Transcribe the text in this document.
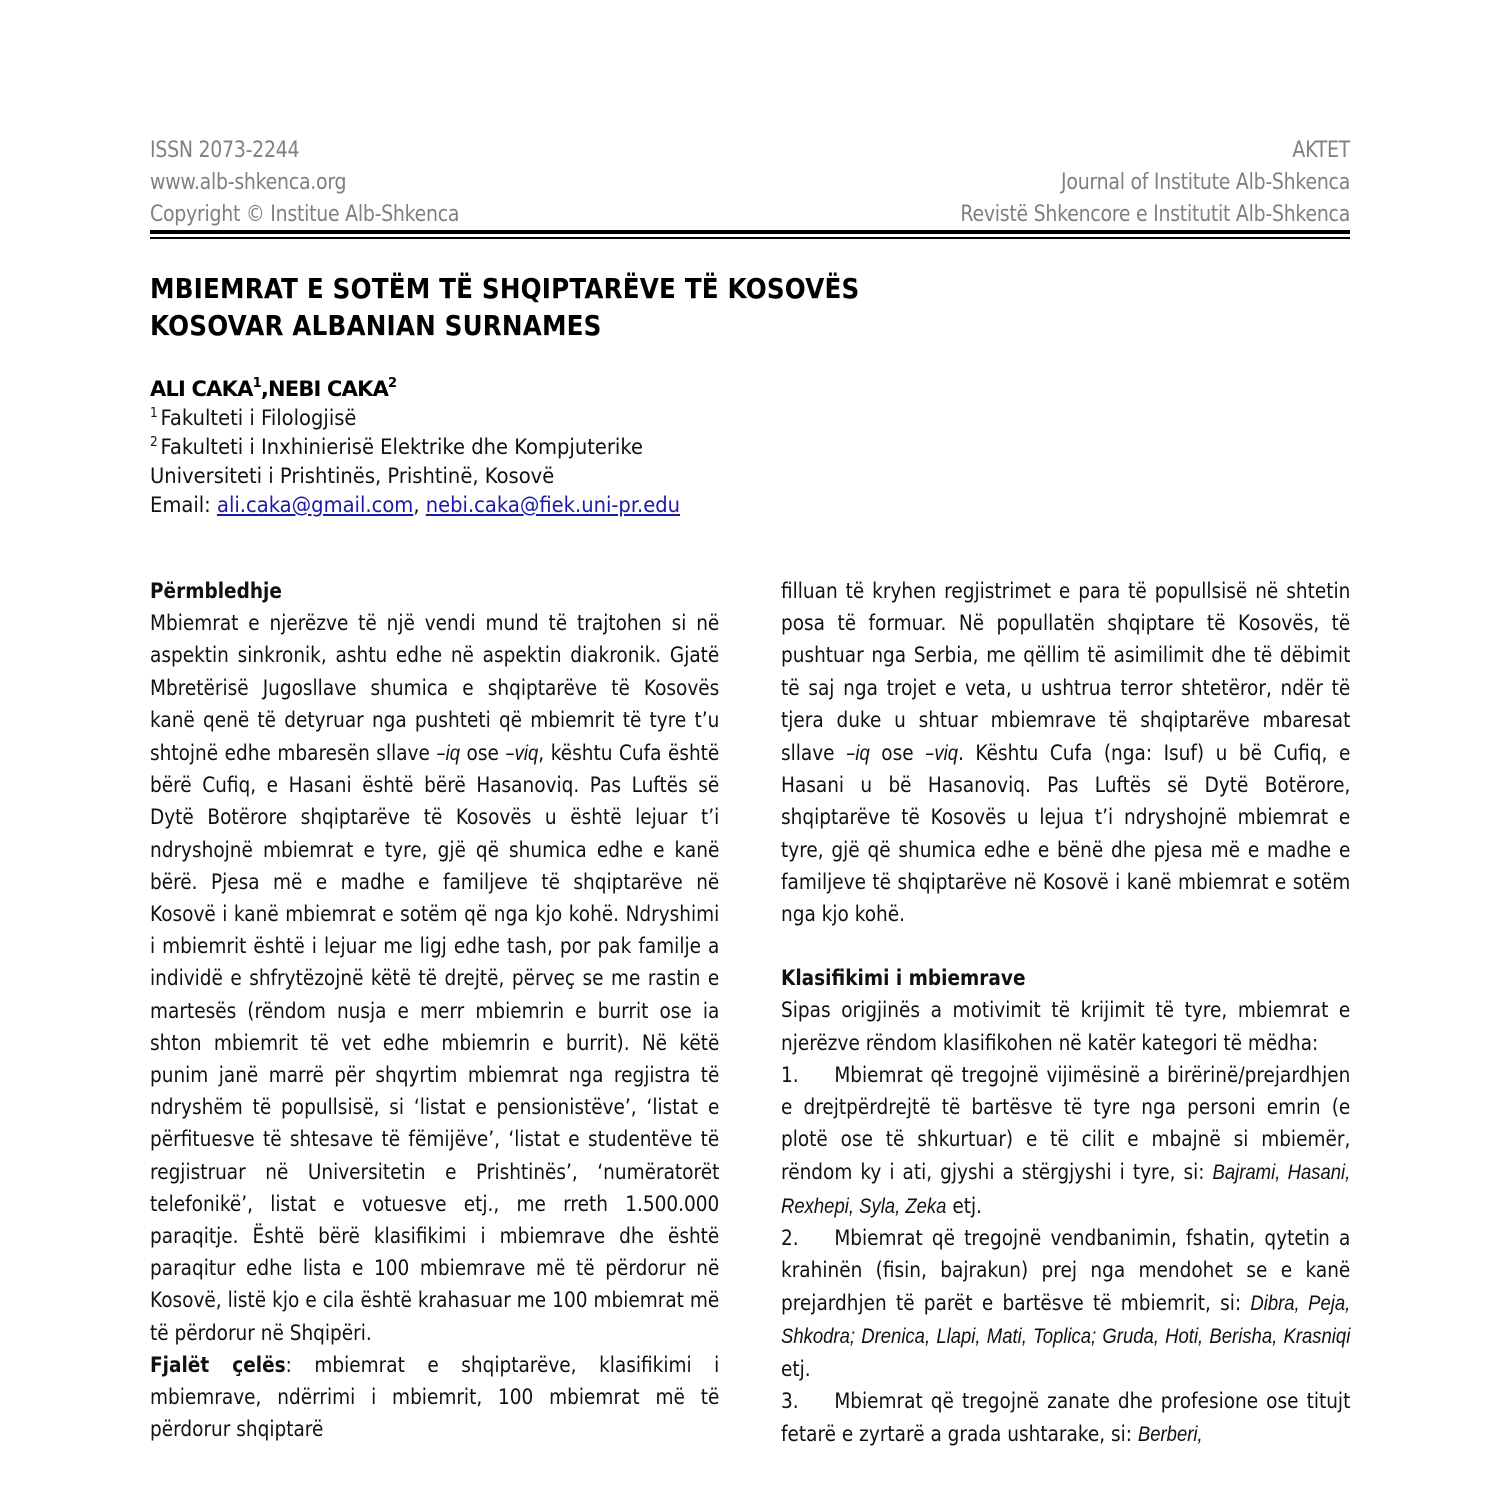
ISSN 2073-2244
www.alb-shkenca.org
Copyright © Institue Alb-Shkenca
AKTET
Journal of Institute Alb-Shkenca
Revistë Shkencore e Institutit Alb-Shkenca
MBIEMRAT E SOTËM TË SHQIPTARËVE TË KOSOVËS
KOSOVAR ALBANIAN SURNAMES
ALI CAKA$^1$,NEBI CAKA$^2$
$^1$ Fakulteti i Filologjisë
$^2$ Fakulteti i Inxhinierisë Elektrike dhe Kompjuterike
Universiteti i Prishtinës, Prishtinë, Kosovë
Email: ali.caka@gmail.com, nebi.caka@fiek.uni-pr.edu

Përmbledhje

Mbiemrat e njerëzve të një vendi mund të trajtohen si në aspektin sinkronik, ashtu edhe në aspektin diakronik. Gjatë Mbretërisë Jugosllave shumica e shqiptarëve të Kosovës kanë qenë të detyruar nga pushteti që mbiemrit të tyre t’u shtojnë edhe mbaresën sllave –iq ose –viq, kështu Cufa është bërë Cufiq, e Hasani është bërë Hasanoviq. Pas Luftës së Dytë Botërore shqiptarëve të Kosovës u është lejuar t’i ndryshojnë mbiemrat e tyre, gjë që shumica edhe e kanë bërë. Pjesa më e madhe e familjeve të shqiptarëve në Kosovë i kanë mbiemrat e sotëm që nga kjo kohë. Ndryshimi i mbiemrit është i lejuar me ligj edhe tash, por pak familje a individë e shfrytëzojnë këtë të drejtë, përveç se me rastin e martesës (rëndom nusja e merr mbiemrin e burrit ose ia shton mbiemrit të vet edhe mbiemrin e burrit). Në këtë punim janë marrë për shqyrtim mbiemrat nga regjistra të ndryshëm të popullsisë, si ‘listat e pensionistëve’, ‘listat e përfituesve të shtesave të fëmijëve’, ‘listat e studentëve të regjistruar në Universitetin e Prishtinës’, ‘numëratorët telefonikë’, listat e votuesve etj., me rreth 1.500.000 paraqitje. Është bërë klasifikimi i mbiemrave dhe është paraqitur edhe lista e 100 mbiemrave më të përdorur në Kosovë, listë kjo e cila është krahasuar me 100 mbiemrat më të përdorur në Shqipëri.

Fjalët çelës: mbiemrat e shqiptarëve, klasifikimi i mbiemrave, ndërrimi i mbiemrit, 100 mbiemrat më të përdorur shqiptarë

filluan të kryhen regjistrimet e para të popullsisë në shtetin posa të formuar. Në popullatën shqiptare të Kosovës, të pushtuar nga Serbia, me qëllim të asimilimit dhe të dëbimit të saj nga trojet e veta, u ushtrua terror shtetëror, ndër të tjera duke u shtuar mbiemrave të shqiptarëve mbaresat sllave –iq ose –viq. Kështu Cufa (nga: Isuf) u bë Cufiq, e Hasani u bë Hasanoviq. Pas Luftës së Dytë Botërore, shqiptarëve të Kosovës u lejua t’i ndryshojnë mbiemrat e tyre, gjë që shumica edhe e bënë dhe pjesa më e madhe e familjeve të shqiptarëve në Kosovë i kanë mbiemrat e sotëm nga kjo kohë.

Klasifikimi i mbiemrave

Sipas origjinës a motivimit të krijimit të tyre, mbiemrat e njerëzve rëndom klasifikohen në katër kategori të mëdha:

1. Mbiemrat që tregojnë vijimësinë a birërinë/prejardhjen e drejtpërdrejtë të bartësve të tyre nga personi emrin (e plotë ose të shkurtuar) e të cilit e mbajnë si mbiemër, rëndom ky i ati, gjyshi a stërgjyshi i tyre, si: Bajrami, Hasani, Rexhepi, Syla, Zeka etj.

2. Mbiemrat që tregojnë vendbanimin, fshatin, qytetin a krahinën (fisin, bajrakun) prej nga mendohet se e kanë prejardhjen të parët e bartësve të mbiemrit, si: Dibra, Peja, Shkodra; Drenica, Llapi, Mati, Toplica; Gruda, Hoti, Berisha, Krasniqi etj.

3. Mbiemrat që tregojnë zanate dhe profesione ose titujt fetarë e zyrtarë a grada ushtarake, si: Berberi,
